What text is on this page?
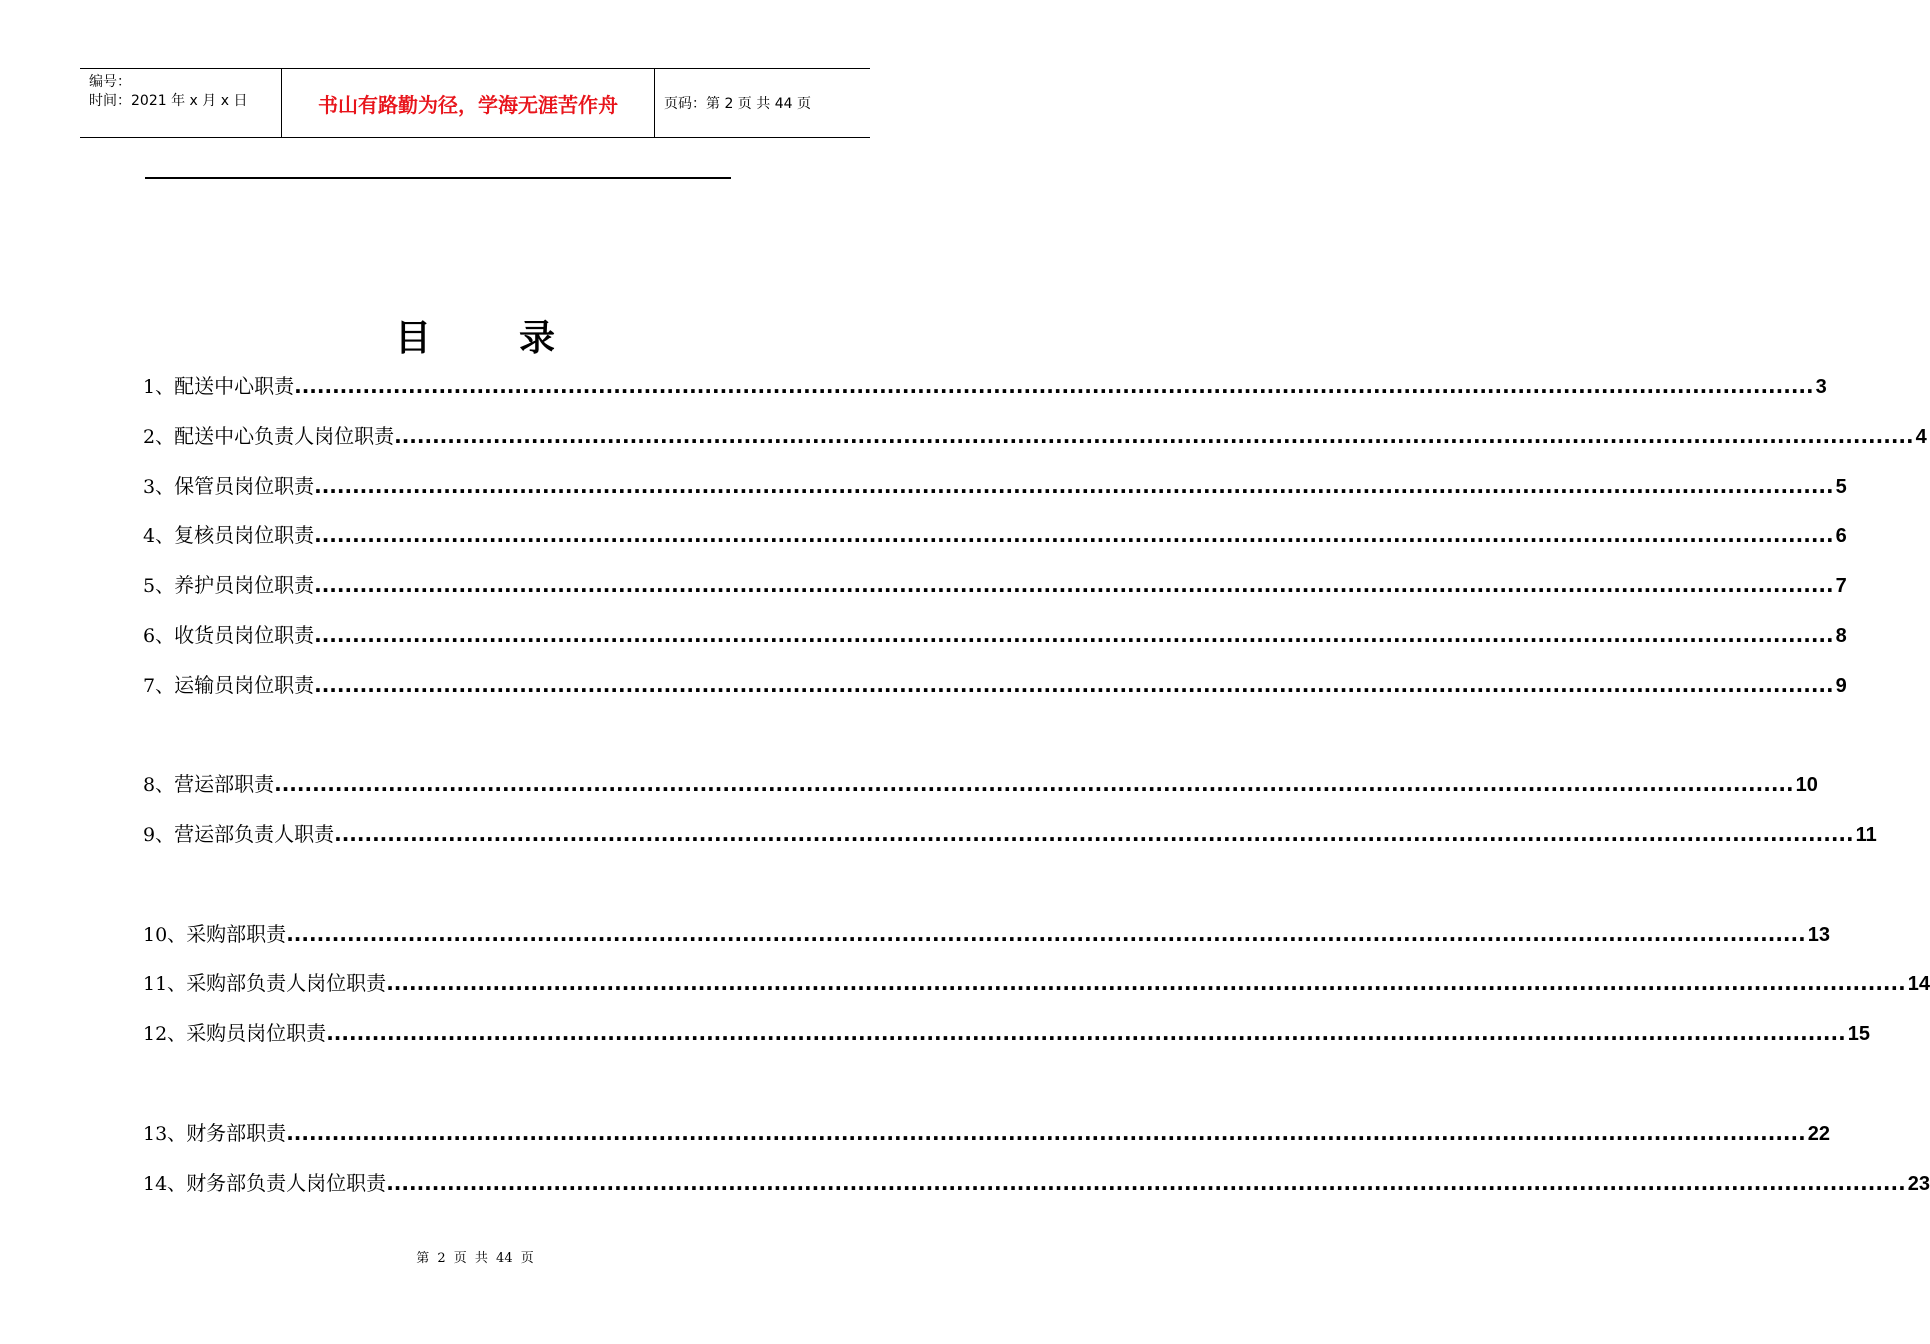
编号：
时间：2021 年 x 月 x 日	书山有路勤为径，学海无涯苦作舟	页码：第 2 页 共 44 页
目录
1、 配送中心职责 ........................................................................................................................................................................................................ 3
2、 配送中心负责人岗位职责 ........................................................................................................................................................................................................ 4
3、 保管员岗位职责 ........................................................................................................................................................................................................ 5
4、 复核员岗位职责 ........................................................................................................................................................................................................ 6
5、 养护员岗位职责 ........................................................................................................................................................................................................ 7
6、 收货员岗位职责 ........................................................................................................................................................................................................ 8
7、 运输员岗位职责 ........................................................................................................................................................................................................ 9
8、 营运部职责 ........................................................................................................................................................................................................ 10
9、 营运部负责人职责 ........................................................................................................................................................................................................ 11
10、 采购部职责 ........................................................................................................................................................................................................ 13
11、 采购部负责人岗位职责 ........................................................................................................................................................................................................ 14
12、 采购员岗位职责 ........................................................................................................................................................................................................ 15
13、 财务部职责 ........................................................................................................................................................................................................ 22
14、 财务部负责人岗位职责 ........................................................................................................................................................................................................ 23
第 2 页 共 44 页
